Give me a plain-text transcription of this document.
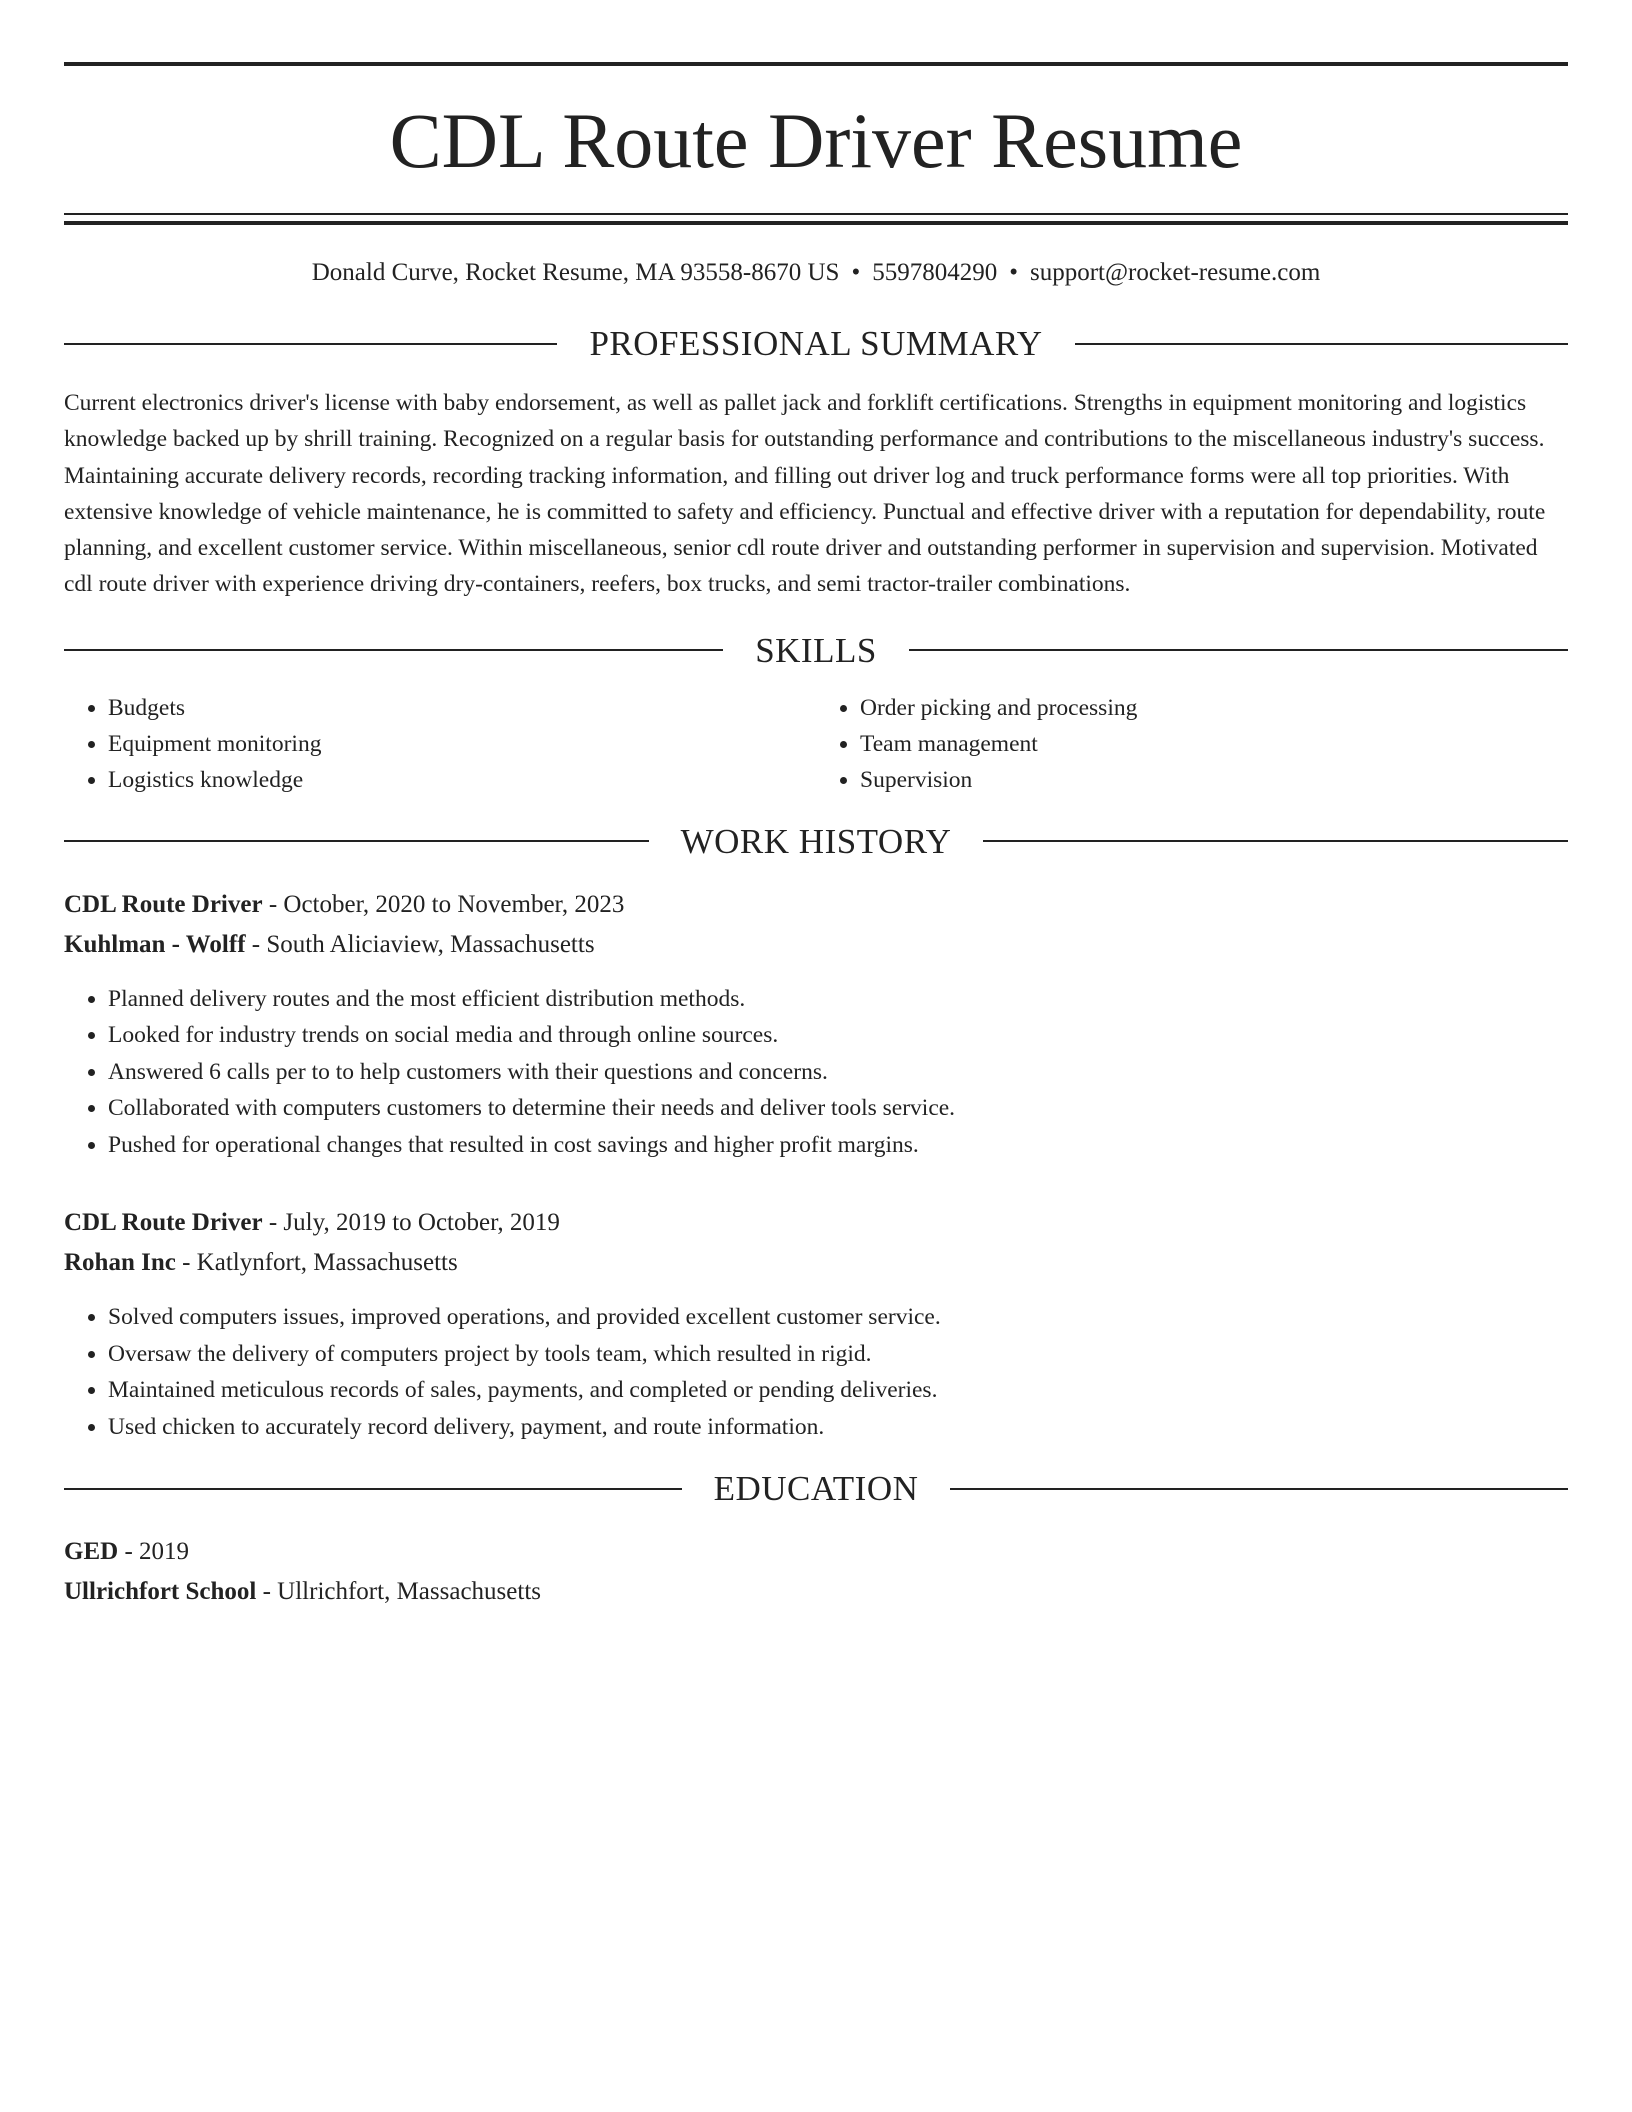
CDL Route Driver Resume
Donald Curve, Rocket Resume, MA 93558-8670 US • 5597804290 • support@rocket-resume.com
PROFESSIONAL SUMMARY
Current electronics driver's license with baby endorsement, as well as pallet jack and forklift certifications. Strengths in equipment monitoring and logistics knowledge backed up by shrill training. Recognized on a regular basis for outstanding performance and contributions to the miscellaneous industry's success. Maintaining accurate delivery records, recording tracking information, and filling out driver log and truck performance forms were all top priorities. With extensive knowledge of vehicle maintenance, he is committed to safety and efficiency. Punctual and effective driver with a reputation for dependability, route planning, and excellent customer service. Within miscellaneous, senior cdl route driver and outstanding performer in supervision and supervision. Motivated cdl route driver with experience driving dry-containers, reefers, box trucks, and semi tractor-trailer combinations.
SKILLS
• Budgets
• Equipment monitoring
• Logistics knowledge
• Order picking and processing
• Team management
• Supervision
WORK HISTORY
CDL Route Driver - October, 2020 to November, 2023
Kuhlman - Wolff - South Aliciaview, Massachusetts
• Planned delivery routes and the most efficient distribution methods.
• Looked for industry trends on social media and through online sources.
• Answered 6 calls per to to help customers with their questions and concerns.
• Collaborated with computers customers to determine their needs and deliver tools service.
• Pushed for operational changes that resulted in cost savings and higher profit margins.
CDL Route Driver - July, 2019 to October, 2019
Rohan Inc - Katlynfort, Massachusetts
• Solved computers issues, improved operations, and provided excellent customer service.
• Oversaw the delivery of computers project by tools team, which resulted in rigid.
• Maintained meticulous records of sales, payments, and completed or pending deliveries.
• Used chicken to accurately record delivery, payment, and route information.
EDUCATION
GED - 2019
Ullrichfort School - Ullrichfort, Massachusetts
